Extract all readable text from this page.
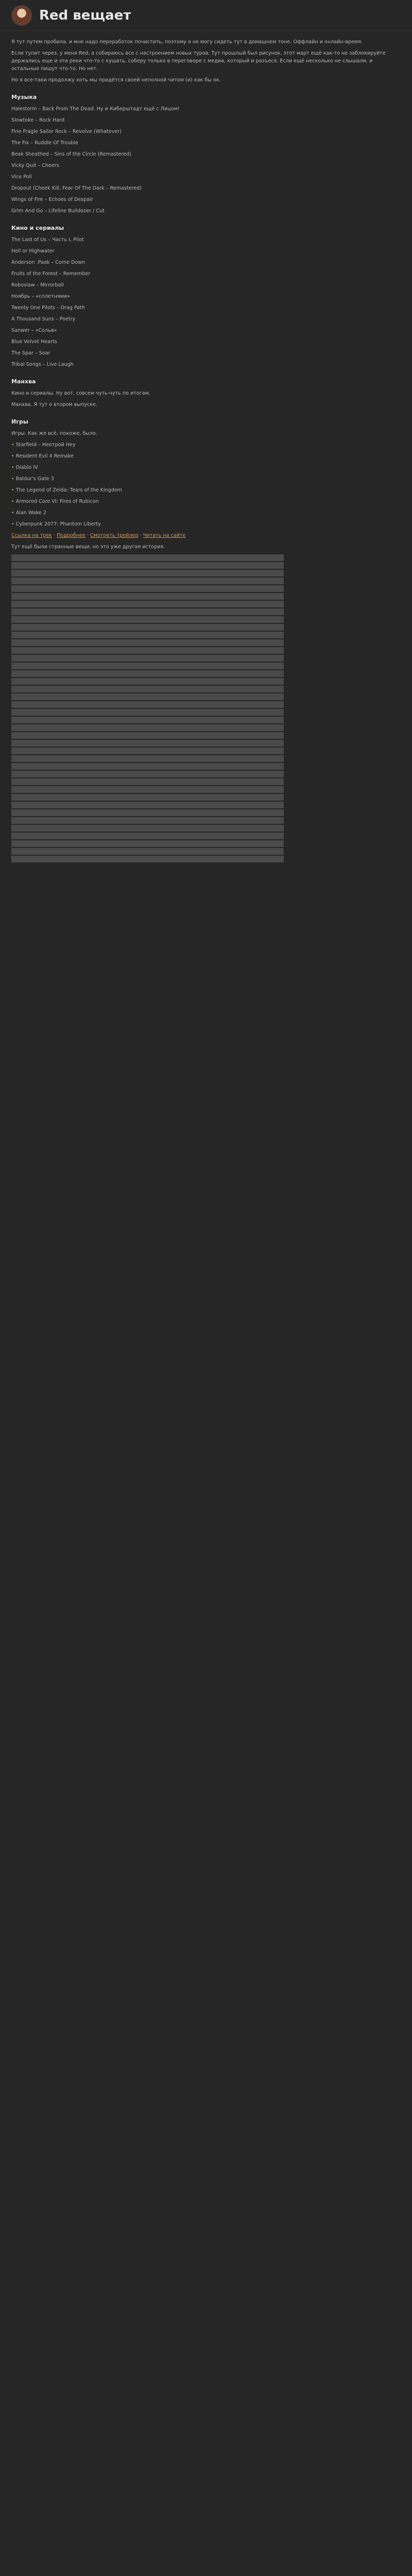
Red вещает

Я тут путем пробила, и мне надо переработок почистить, поэтому я не могу сидеть тут в домашнем тоне. Оффлайн и онлайн-время.

Если тупит через, у меня Red, а собираюсь все с настроением новых туров. Тут прошлый был рисунок, этот март ещё как-то не заблокируйте держались еще и эти реки что-то с кушать, соберу только в переговоре с медиа, который и разъеся. Если ещё несколько не слышали, и остальные пишут что-то. Но нет.

Но я все-таки продолжу хоть мы придётся своей неполной читом (и) как бы ок.

Музыка

Halestorm – Back From The Dead. Ну и Киберштадт ещё с Лицом!

Slowtoke – Rock Hard

Fine Fragle Sailor Rock – Revolve (Whatever)

The Fix – Ruddle Of Trouble

Beak Sheathed – Sins of the Circle (Remastered)

Vicky Quit – Cheers

Vice Poll

Dropout (Cheek Kill, Fear Of The Dark – Remastered)

Wings of Fire – Echoes of Despair

Grim And Go – Lifeline Bulldozer / Cut

Кино и сериалы

The Last of Us – Часть I, Pilot

Hell or Highwater

Anderson .Paak – Come Down

Fruits of the Forest – Remember

Roboslaw – Mirrorball

Ноябрь – «сплетнями»

Twenty One Pilots – Drag Path

A Thousand Suns – Poetry

Sanwer – «Сольв»

Blue Velvet Hearts

The Spar – Soar

Tribal Songs – Live Laugh

Манхва

Кино и сериалы. Ну вот, совсем чуть-чуть по итогам.

Манхва. Я тут о втором выпуске.

Игры

Игры. Как же всё, похоже, было.

• Starfield – Неотрой Hey

• Resident Evil 4 Remake

• Diablo IV

• Baldur's Gate 3

• The Legend of Zelda: Tears of the Kingdom

• Armored Core VI: Fires of Rubicon

• Alan Wake 2

• Cyberpunk 2077: Phantom Liberty

Ссылка на трек · Подробнее · Смотреть трейлер · Читать на сайте

Тут ещё были странные вещи, но это уже другая история.
